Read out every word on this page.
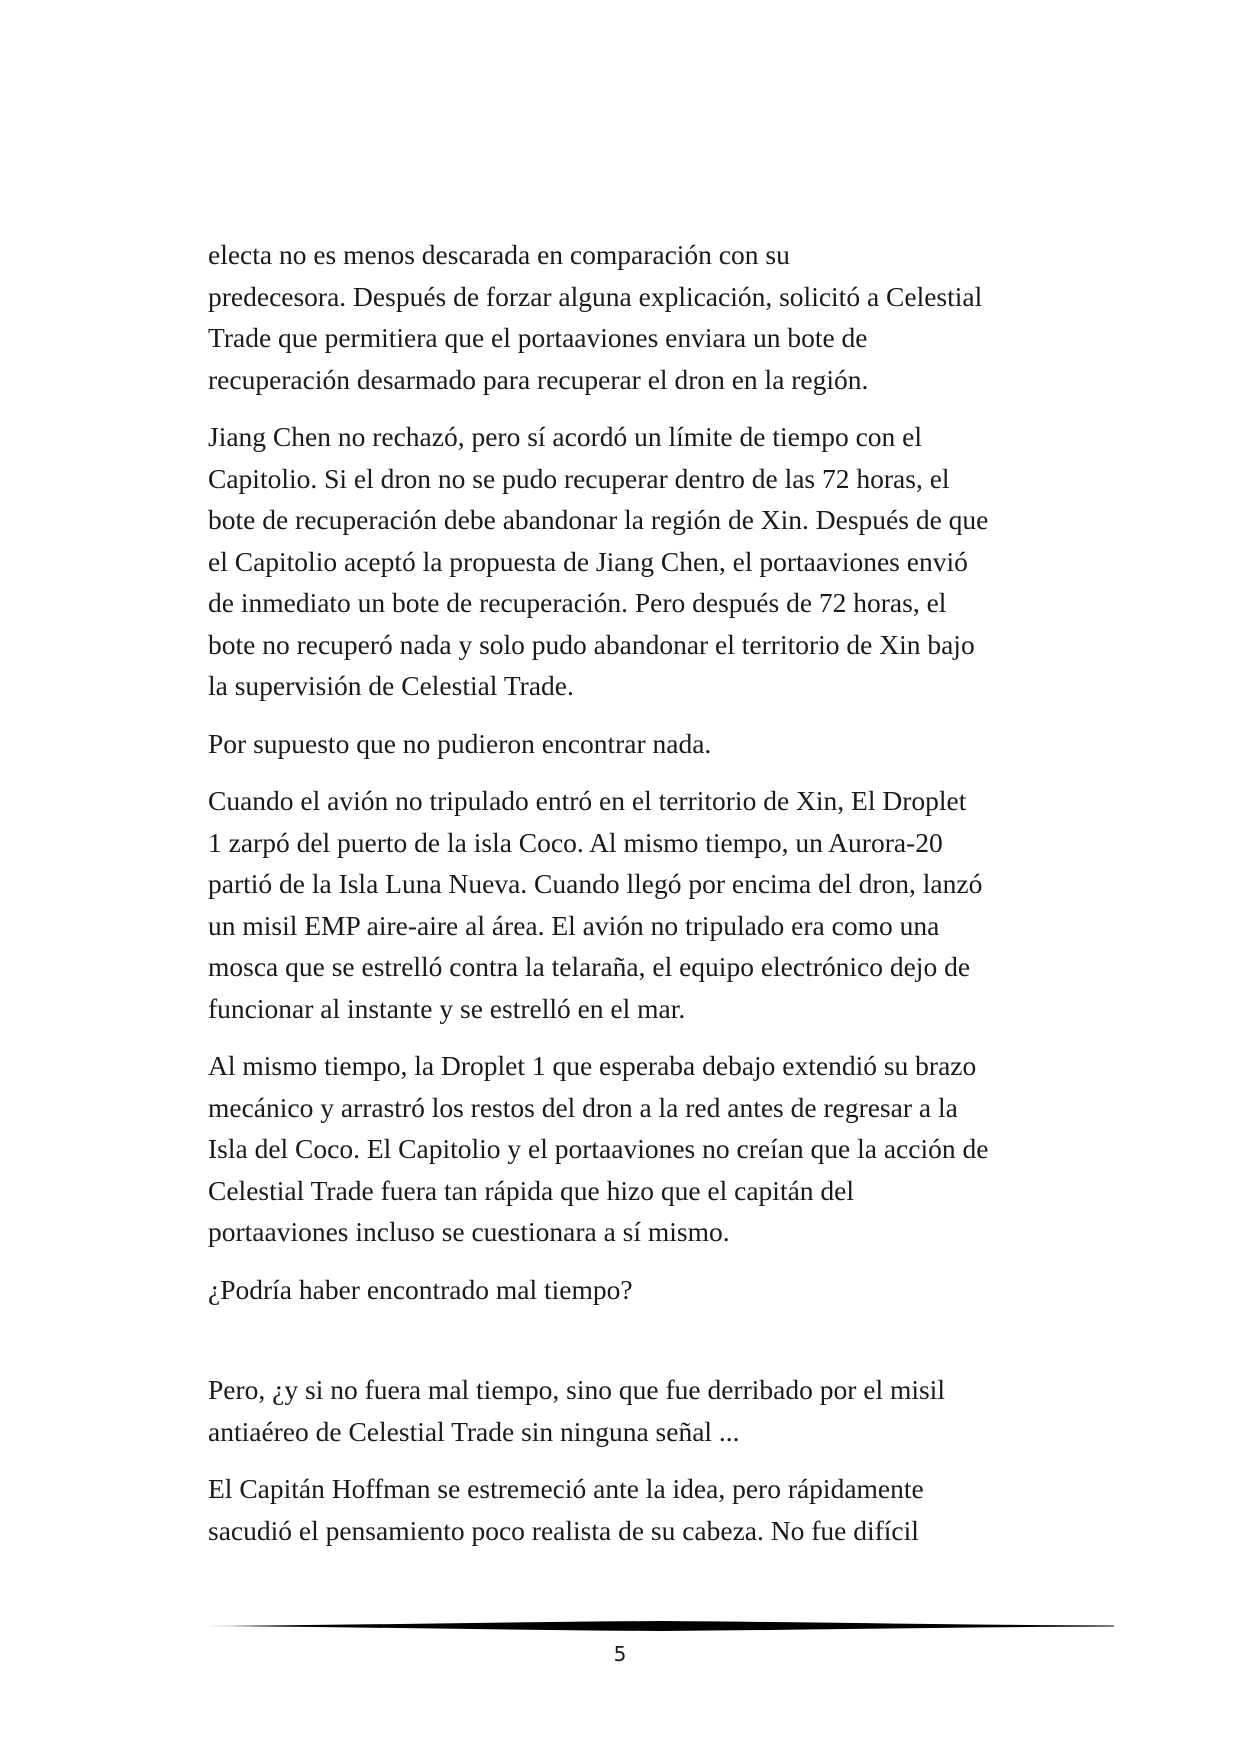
electa no es menos descarada en comparación con su
predecesora. Después de forzar alguna explicación, solicitó a Celestial
Trade que permitiera que el portaaviones enviara un bote de
recuperación desarmado para recuperar el dron en la región.

Jiang Chen no rechazó, pero sí acordó un límite de tiempo con el
Capitolio. Si el dron no se pudo recuperar dentro de las 72 horas, el
bote de recuperación debe abandonar la región de Xin. Después de que
el Capitolio aceptó la propuesta de Jiang Chen, el portaaviones envió
de inmediato un bote de recuperación. Pero después de 72 horas, el
bote no recuperó nada y solo pudo abandonar el territorio de Xin bajo
la supervisión de Celestial Trade.

Por supuesto que no pudieron encontrar nada.

Cuando el avión no tripulado entró en el territorio de Xin, El Droplet
1 zarpó del puerto de la isla Coco. Al mismo tiempo, un Aurora-20
partió de la Isla Luna Nueva. Cuando llegó por encima del dron, lanzó
un misil EMP aire-aire al área. El avión no tripulado era como una
mosca que se estrelló contra la telaraña, el equipo electrónico dejo de
funcionar al instante y se estrelló en el mar.

Al mismo tiempo, la Droplet 1 que esperaba debajo extendió su brazo
mecánico y arrastró los restos del dron a la red antes de regresar a la
Isla del Coco. El Capitolio y el portaaviones no creían que la acción de
Celestial Trade fuera tan rápida que hizo que el capitán del
portaaviones incluso se cuestionara a sí mismo.

¿Podría haber encontrado mal tiempo?

Pero, ¿y si no fuera mal tiempo, sino que fue derribado por el misil
antiaéreo de Celestial Trade sin ninguna señal ...

El Capitán Hoffman se estremeció ante la idea, pero rápidamente
sacudió el pensamiento poco realista de su cabeza. No fue difícil

5
